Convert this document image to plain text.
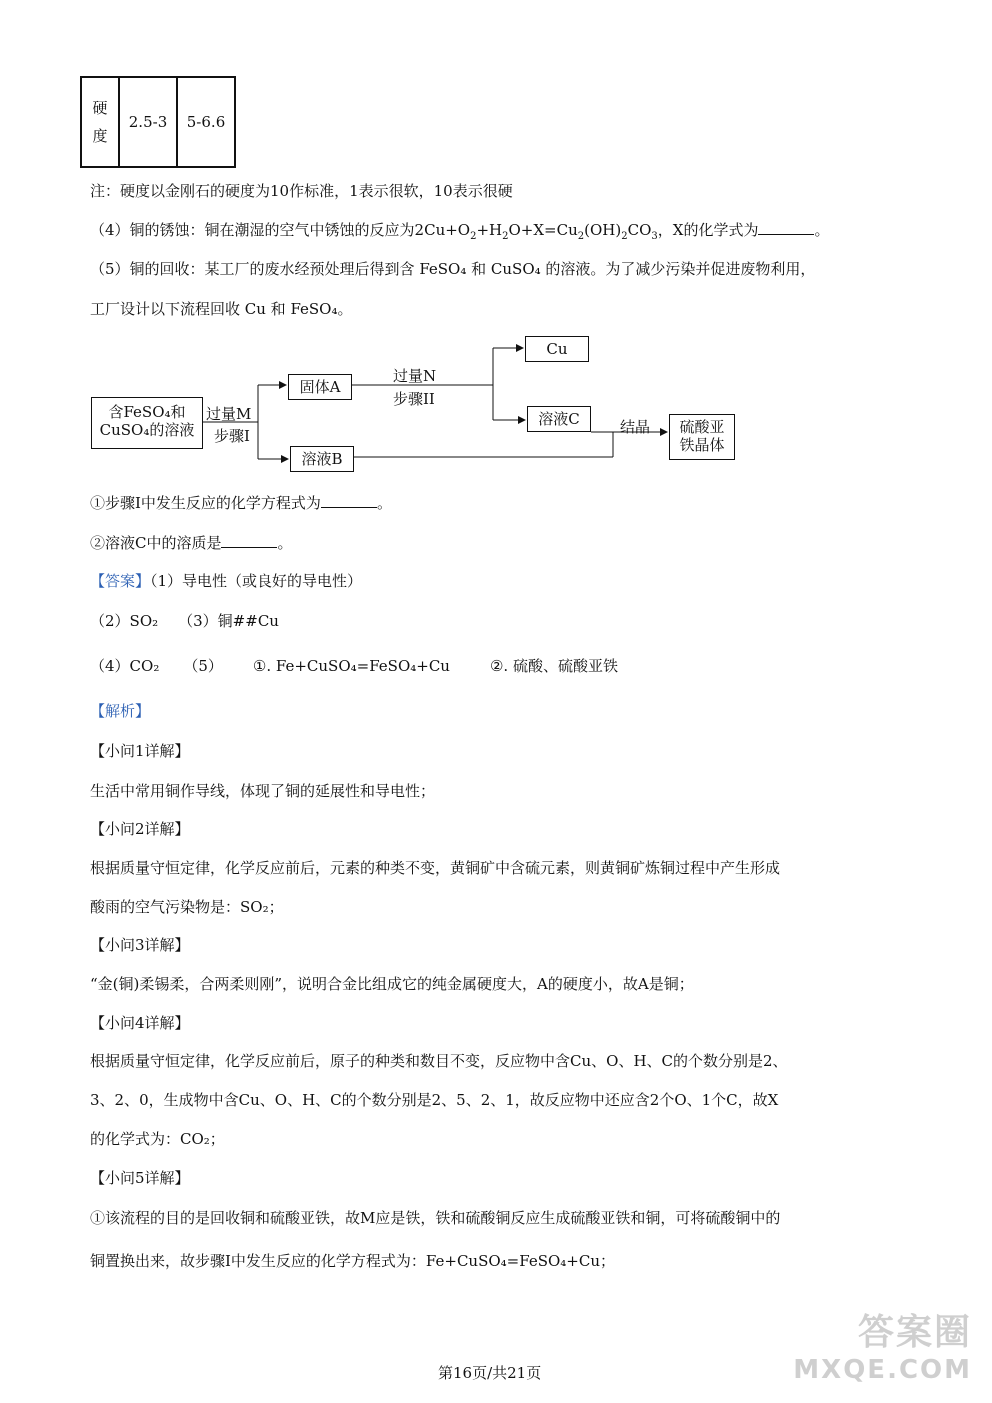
硬
度
	2.5-3	5-6.6
注：硬度以金刚石的硬度为10作标准，1表示很软，10表示很硬
（4）铜的锈蚀：铜在潮湿的空气中锈蚀的反应为$2Cu+O_2+H_2O+X=Cu_2(OH)_2CO_3$，X的化学式为	。
（5）铜的回收：某工厂的废水经预处理后得到含 FeSO₄ 和 CuSO₄ 的溶液。为了减少污染并促进废物利用，
工厂设计以下流程回收 Cu 和 FeSO₄。
含FeSO₄和
CuSO₄的溶液
过量M
步骤I
固体A
过量N
步骤II
Cu
溶液C	结晶	硫酸亚
铁晶体
溶液B
①步骤I中发生反应的化学方程式为	。
②溶液C中的溶质是	。
【答案】（1）导电性（或良好的导电性）
（2）SO₂ （3）铜##Cu
（4）CO₂ （5） ①. Fe+CuSO₄=FeSO₄+Cu	②. 硫酸、硫酸亚铁
【解析】
【小问1详解】
生活中常用铜作导线，体现了铜的延展性和导电性；
【小问2详解】
根据质量守恒定律，化学反应前后，元素的种类不变，黄铜矿中含硫元素，则黄铜矿炼铜过程中产生形成
酸雨的空气污染物是：SO₂；
【小问3详解】
“金(铜)柔锡柔，合两柔则刚”，说明合金比组成它的纯金属硬度大，A的硬度小，故A是铜；
【小问4详解】
根据质量守恒定律，化学反应前后，原子的种类和数目不变，反应物中含Cu、O、H、C的个数分别是2、
3、2、0，生成物中含Cu、O、H、C的个数分别是2、5、2、1，故反应物中还应含2个O、1个C，故X
的化学式为：CO₂；
【小问5详解】
①该流程的目的是回收铜和硫酸亚铁，故M应是铁，铁和硫酸铜反应生成硫酸亚铁和铜，可将硫酸铜中的
铜置换出来，故步骤I中发生反应的化学方程式为：Fe+CuSO₄=FeSO₄+Cu；
第16页/共21页
答案圈
MXQE.COM
